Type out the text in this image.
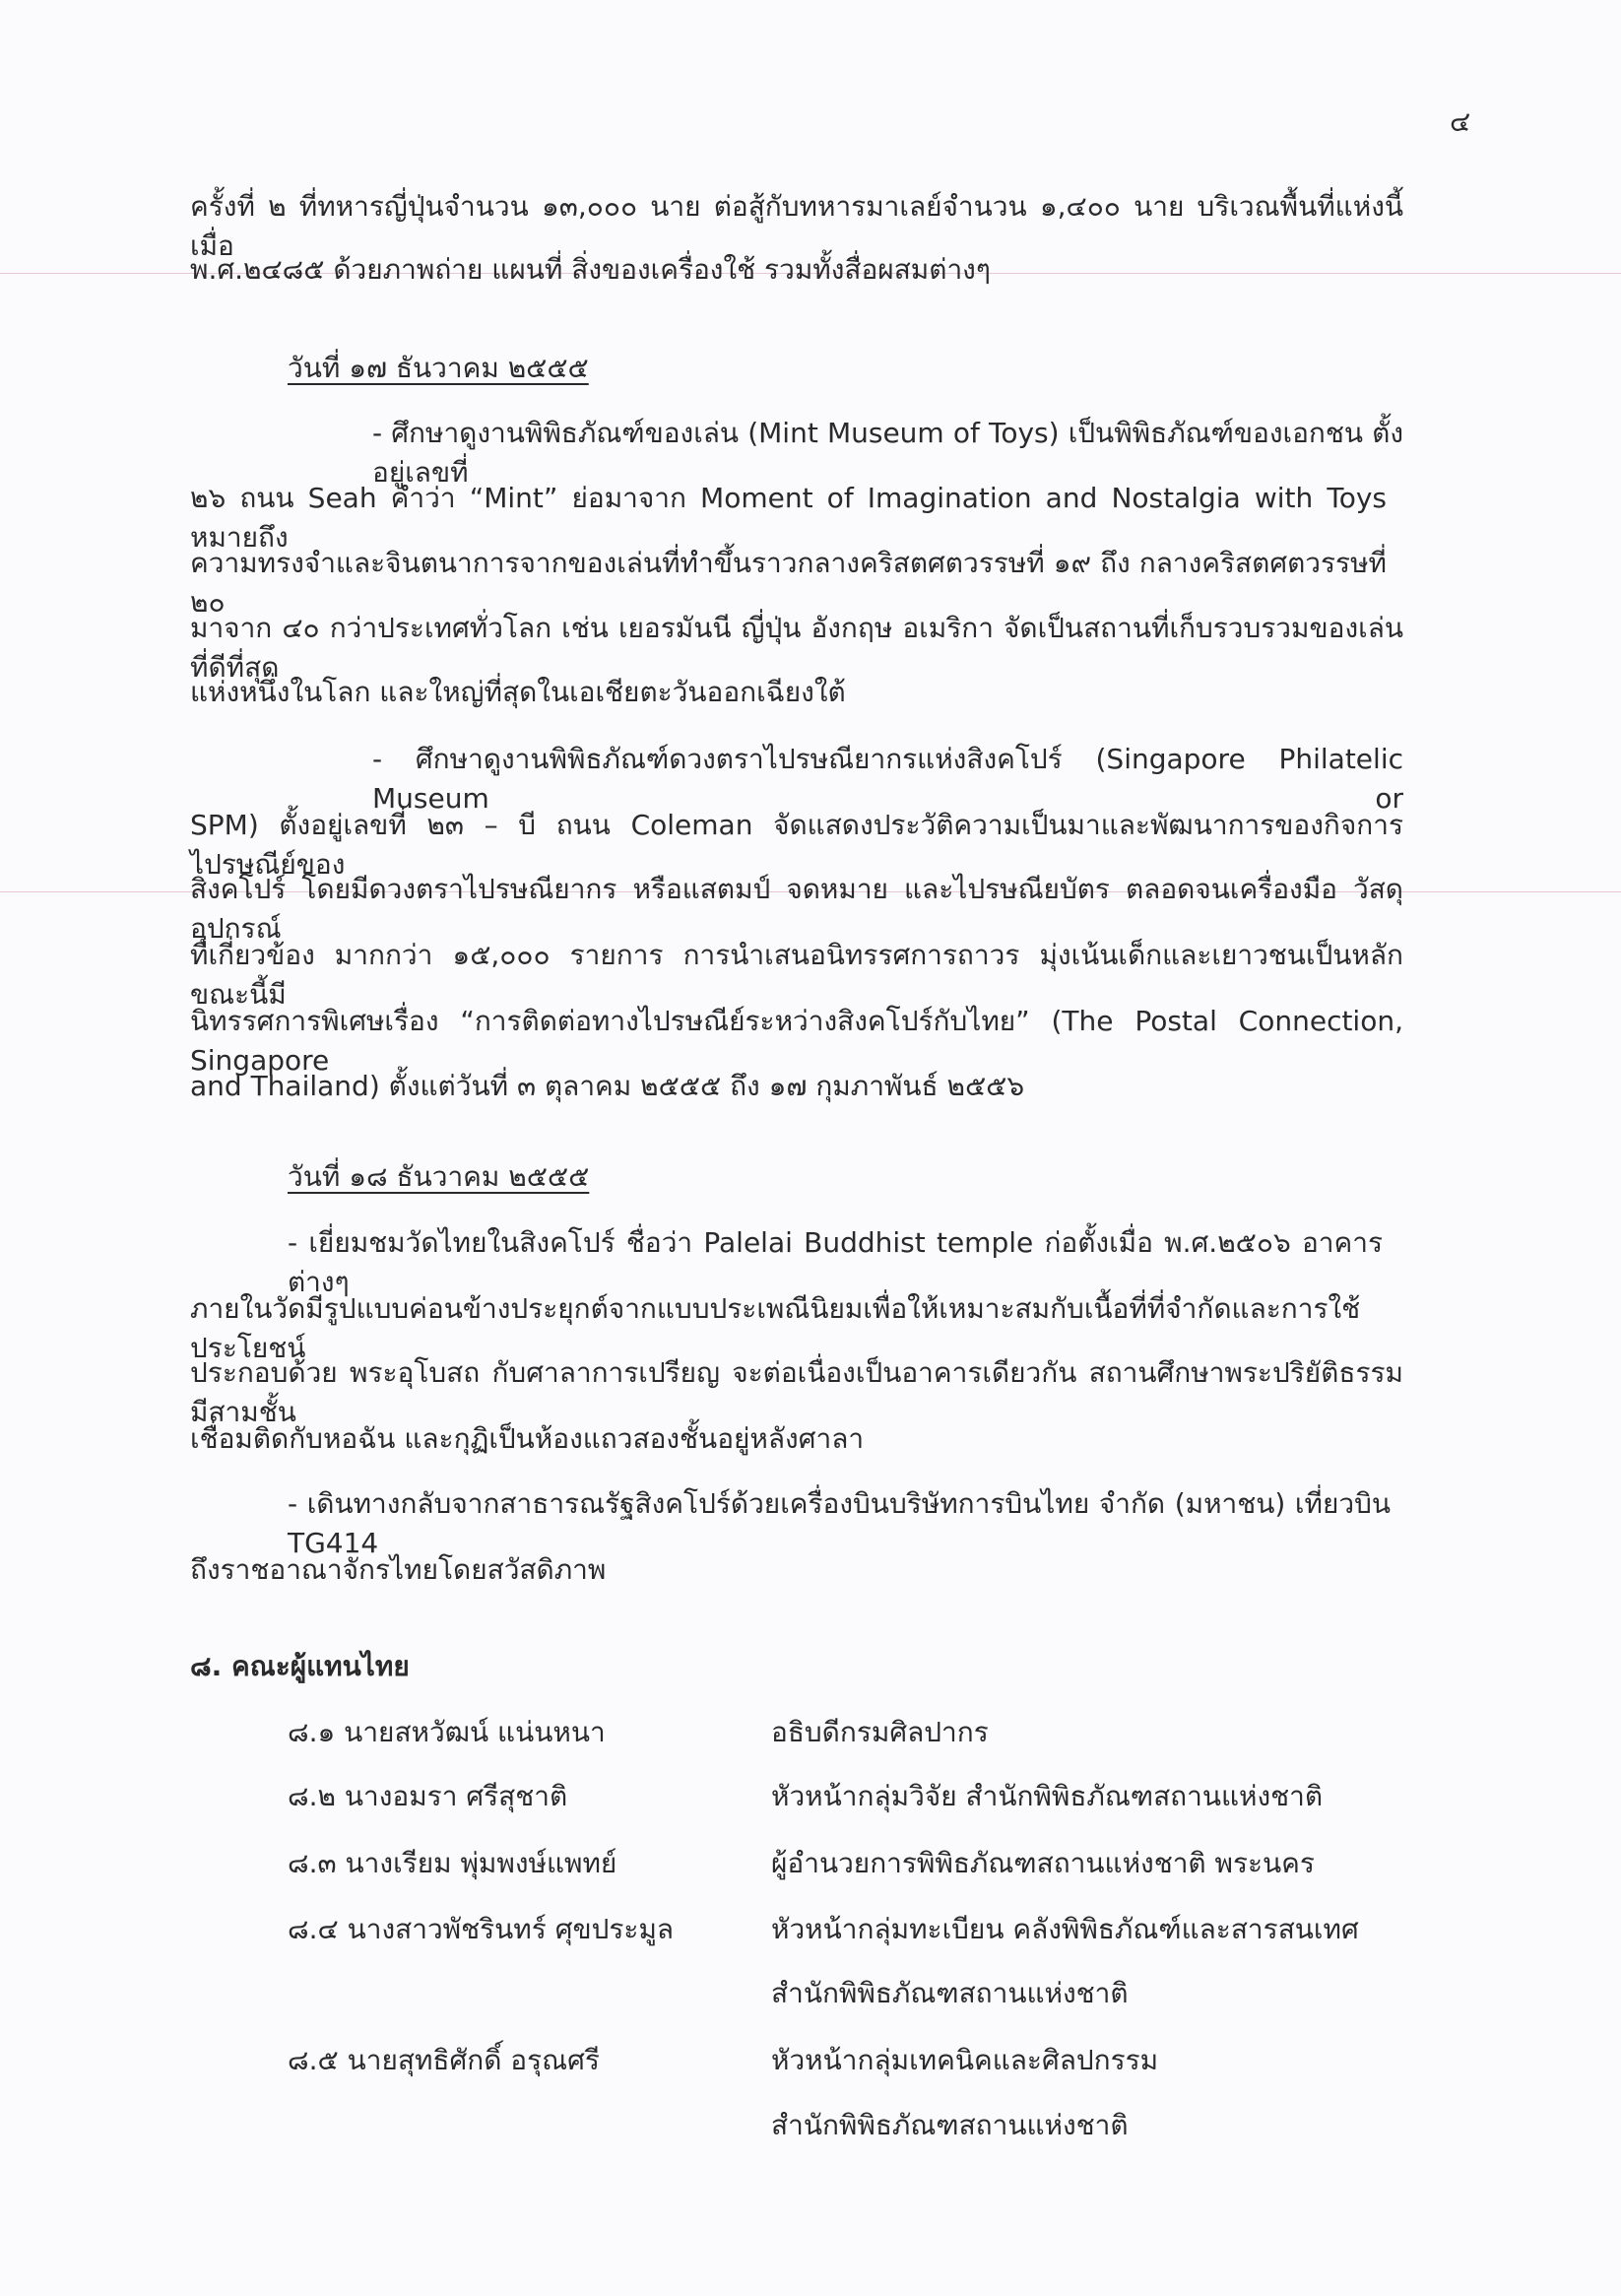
๔
ครั้งที่ ๒ ที่ทหารญี่ปุ่นจำนวน ๑๓,๐๐๐ นาย ต่อสู้กับทหารมาเลย์จำนวน ๑,๔๐๐ นาย บริเวณพื้นที่แห่งนี้เมื่อ
พ.ศ.๒๔๘๕ ด้วยภาพถ่าย แผนที่ สิ่งของเครื่องใช้ รวมทั้งสื่อผสมต่างๆ
วันที่ ๑๗ ธันวาคม ๒๕๕๕
- ศึกษาดูงานพิพิธภัณฑ์ของเล่น (Mint Museum of Toys) เป็นพิพิธภัณฑ์ของเอกชน ตั้งอยู่เลขที่
๒๖ ถนน Seah คำว่า “Mint” ย่อมาจาก Moment of Imagination and Nostalgia with Toys หมายถึง
ความทรงจำและจินตนาการจากของเล่นที่ทำขึ้นราวกลางคริสตศตวรรษที่ ๑๙ ถึง กลางคริสตศตวรรษที่ ๒๐
มาจาก ๔๐ กว่าประเทศทั่วโลก เช่น เยอรมันนี ญี่ปุ่น อังกฤษ อเมริกา จัดเป็นสถานที่เก็บรวบรวมของเล่นที่ดีที่สุด
แห่งหนึ่งในโลก และใหญ่ที่สุดในเอเชียตะวันออกเฉียงใต้
- ศึกษาดูงานพิพิธภัณฑ์ดวงตราไปรษณียากรแห่งสิงคโปร์ (Singapore Philatelic Museum or
SPM) ตั้งอยู่เลขที่ ๒๓ – บี ถนน Coleman จัดแสดงประวัติความเป็นมาและพัฒนาการของกิจการไปรษณีย์ของ
สิงคโปร์ โดยมีดวงตราไปรษณียากร หรือแสตมป์ จดหมาย และไปรษณียบัตร ตลอดจนเครื่องมือ วัสดุ อุปกรณ์
ที่เกี่ยวข้อง มากกว่า ๑๕,๐๐๐ รายการ การนำเสนอนิทรรศการถาวร มุ่งเน้นเด็กและเยาวชนเป็นหลัก ขณะนี้มี
นิทรรศการพิเศษเรื่อง “การติดต่อทางไปรษณีย์ระหว่างสิงคโปร์กับไทย” (The Postal Connection, Singapore
and Thailand) ตั้งแต่วันที่ ๓ ตุลาคม ๒๕๕๕ ถึง ๑๗ กุมภาพันธ์ ๒๕๕๖
วันที่ ๑๘ ธันวาคม ๒๕๕๕
- เยี่ยมชมวัดไทยในสิงคโปร์ ชื่อว่า Palelai Buddhist temple ก่อตั้งเมื่อ พ.ศ.๒๕๐๖ อาคารต่างๆ
ภายในวัดมีรูปแบบค่อนข้างประยุกต์จากแบบประเพณีนิยมเพื่อให้เหมาะสมกับเนื้อที่ที่จำกัดและการใช้ประโยชน์
ประกอบด้วย พระอุโบสถ กับศาลาการเปรียญ จะต่อเนื่องเป็นอาคารเดียวกัน สถานศึกษาพระปริยัติธรรมมีสามชั้น
เชื่อมติดกับหอฉัน และกุฏิเป็นห้องแถวสองชั้นอยู่หลังศาลา
- เดินทางกลับจากสาธารณรัฐสิงคโปร์ด้วยเครื่องบินบริษัทการบินไทย จำกัด (มหาชน) เที่ยวบิน TG414
ถึงราชอาณาจักรไทยโดยสวัสดิภาพ
๘. คณะผู้แทนไทย
๘.๑ นายสหวัฒน์ แน่นหนา	อธิบดีกรมศิลปากร
๘.๒ นางอมรา ศรีสุชาติ	หัวหน้ากลุ่มวิจัย สำนักพิพิธภัณฑสถานแห่งชาติ
๘.๓ นางเรียม พุ่มพงษ์แพทย์	ผู้อำนวยการพิพิธภัณฑสถานแห่งชาติ พระนคร
๘.๔ นางสาวพัชรินทร์ ศุขประมูล	หัวหน้ากลุ่มทะเบียน คลังพิพิธภัณฑ์และสารสนเทศ
สำนักพิพิธภัณฑสถานแห่งชาติ
๘.๕ นายสุทธิศักดิ์ อรุณศรี	หัวหน้ากลุ่มเทคนิคและศิลปกรรม
สำนักพิพิธภัณฑสถานแห่งชาติ
